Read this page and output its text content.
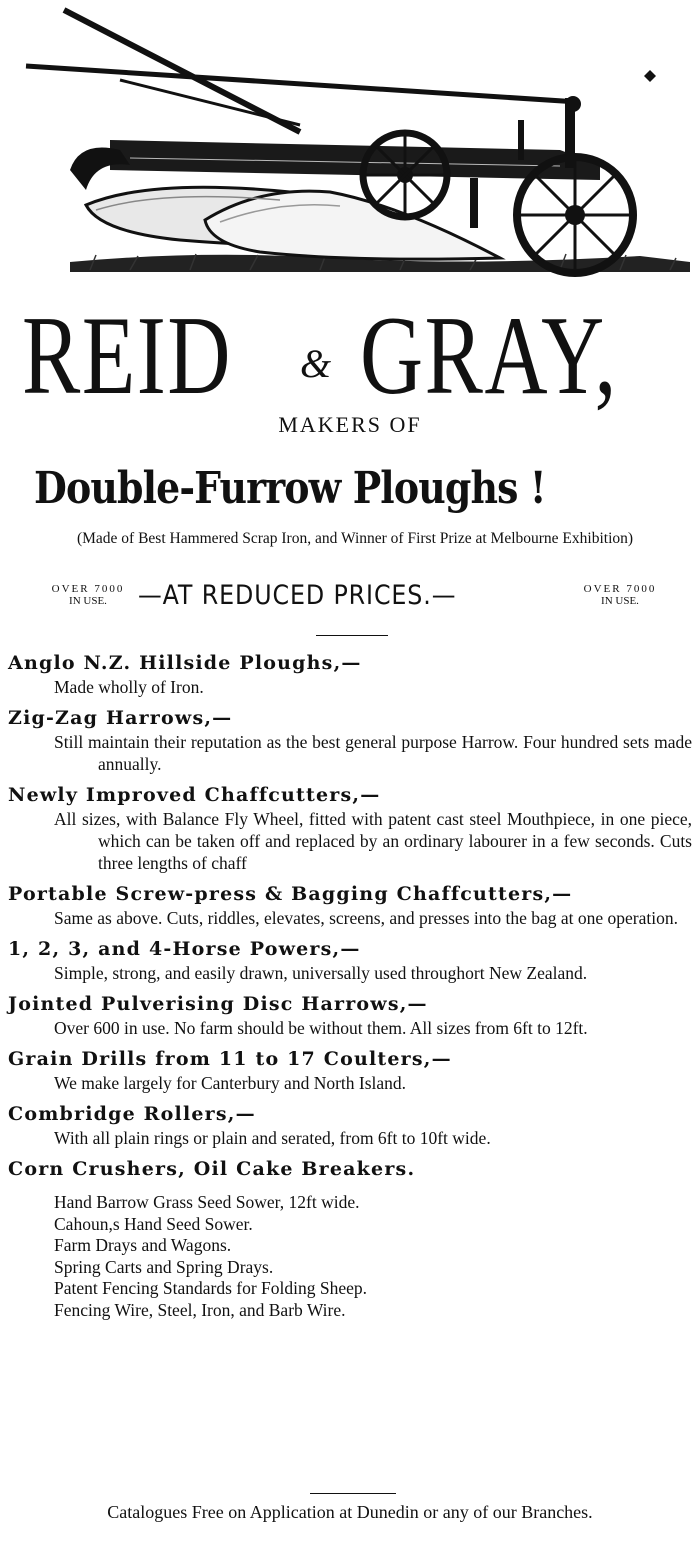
REID & GRAY,
MAKERS OF
Double-Furrow Ploughs !
(Made of Best Hammered Scrap Iron, and Winner of First Prize at Melbourne Exhibition)
OVER 7000
IN USE.	—AT REDUCED PRICES.—	OVER 7000
IN USE.
Anglo N.Z. Hillside Ploughs,—
Made wholly of Iron.
Zig-Zag Harrows,—
Still maintain their reputation as the best general purpose Harrow. Four hundred sets made annually.
Newly Improved Chaffcutters,—
All sizes, with Balance Fly Wheel, fitted with patent cast steel Mouthpiece, in one piece, which can be taken off and replaced by an ordinary labourer in a few seconds. Cuts three lengths of chaff
Portable Screw-press & Bagging Chaffcutters,—
Same as above. Cuts, riddles, elevates, screens, and presses into the bag at one operation.
1, 2, 3, and 4-Horse Powers,—
Simple, strong, and easily drawn, universally used throughort New Zealand.
Jointed Pulverising Disc Harrows,—
Over 600 in use. No farm should be without them. All sizes from 6ft to 12ft.
Grain Drills from 11 to 17 Coulters,—
We make largely for Canterbury and North Island.
Combridge Rollers,—
With all plain rings or plain and serated, from 6ft to 10ft wide.
Corn Crushers, Oil Cake Breakers.
Hand Barrow Grass Seed Sower, 12ft wide.
Cahoun,s Hand Seed Sower.
Farm Drays and Wagons.
Spring Carts and Spring Drays.
Patent Fencing Standards for Folding Sheep.
Fencing Wire, Steel, Iron, and Barb Wire.
Catalogues Free on Application at Dunedin or any of our Branches.
